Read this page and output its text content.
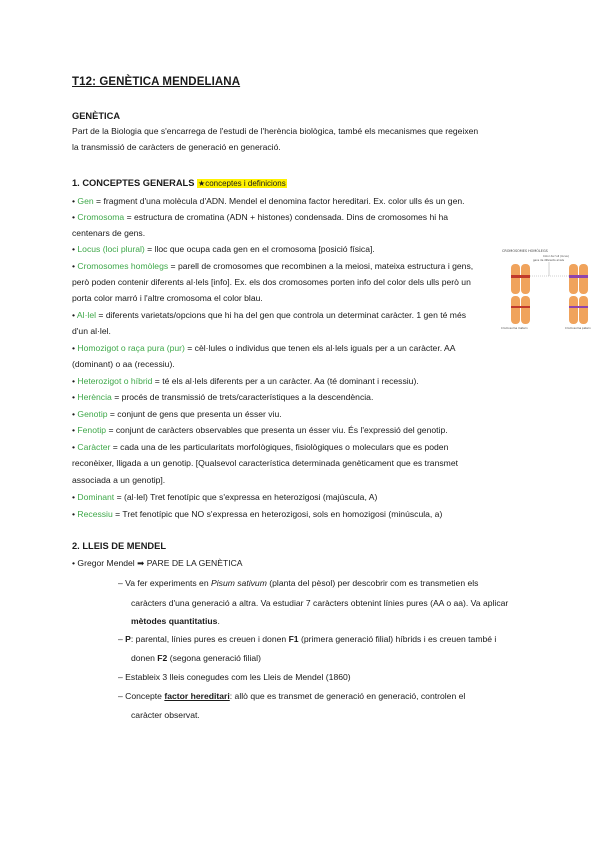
T12: GENÈTICA MENDELIANA
GENÈTICA
Part de la Biologia que s'encarrega de l'estudi de l'herència biològica, també els mecanismes que regeixen
la transmissió de caràcters de generació en generació.
1. CONCEPTES GENERALS ★conceptes i definicions
• Gen = fragment d'una molècula d'ADN. Mendel el denomina factor hereditari. Ex. color ulls és un gen.
• Cromosoma = estructura de cromatina (ADN + histones) condensada. Dins de cromosomes hi ha
centenars de gens.
• Locus (loci plural) = lloc que ocupa cada gen en el cromosoma [posició física].
• Cromosomes homòlegs = parell de cromosomes que recombinen a la meiosi, mateixa estructura i gens,
però poden contenir diferents al·lels [info]. Ex. els dos cromosomes porten info del color dels ulls però un
porta color marró i l'altre cromosoma el color blau.
• Al·lel = diferents varietats/opcions que hi ha del gen que controla un determinat caràcter. 1 gen té més
d'un al·lel.
• Homozigot o raça pura (pur) = cèl·lules o individus que tenen els al·lels iguals per a un caràcter. AA
(dominant) o aa (recessiu).
• Heterozigot o híbrid = té els al·lels diferents per a un caràcter. Aa (té dominant i recessiu).
• Herència = procés de transmissió de trets/característiques a la descendència.
• Genotip = conjunt de gens que presenta un ésser viu.
• Fenotip = conjunt de caràcters observables que presenta un ésser viu. És l'expressió del genotip.
• Caràcter = cada una de les particularitats morfològiques, fisiològiques o moleculars que es poden
reconèixer, lligada a un genotip. [Qualsevol característica determinada genèticament que es transmet
associada a un genotip].
• Dominant = (al·lel) Tret fenotípic que s'expressa en heterozigosi (majúscula, A)
• Recessiu = Tret fenotípic que NO s'expressa en heterozigosi, sols en homozigosi (minúscula, a)
2. LLEIS DE MENDEL
• Gregor Mendel ➡ PARE DE LA GENÈTICA
– Va fer experiments en Pisum sativum (planta del pèsol) per descobrir com es transmetien els
caràcters d'una generació a altra. Va estudiar 7 caràcters obtenint línies pures (AA o aa). Va aplicar
mètodes quantitatius.
– P: parental, línies pures es creuen i donen F1 (primera generació filial) híbrids i es creuen també i
donen F2 (segona generació filial)
– Estableix 3 lleis conegudes com les Lleis de Mendel (1860)
– Concepte factor hereditari: allò que es transmet de generació en generació, controlen el
caràcter observat.
CROMOSOMES HOMÒLEGS
Color de l'ull (locus)
gens de diferents al·lels
Cromosoma matern	Cromosoma patern
